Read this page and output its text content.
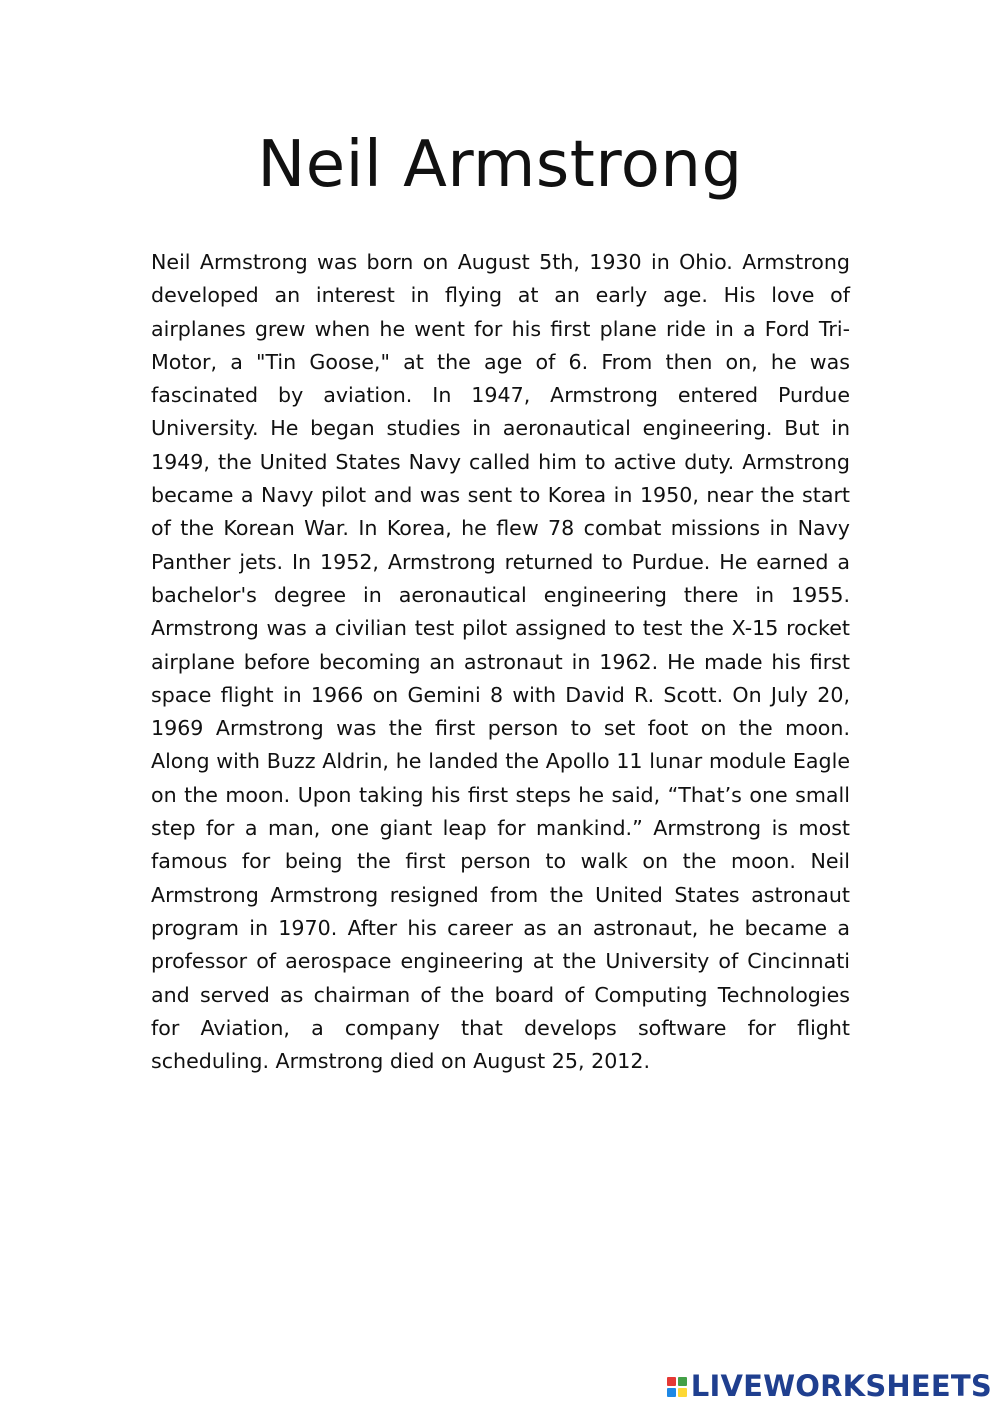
Neil Armstrong

Neil Armstrong was born on August 5th, 1930 in Ohio. Armstrong developed an interest in flying at an early age. His love of airplanes grew when he went for his first plane ride in a Ford Tri-Motor, a "Tin Goose," at the age of 6. From then on, he was fascinated by aviation. In 1947, Armstrong entered Purdue University. He began studies in aeronautical engineering. But in 1949, the United States Navy called him to active duty. Armstrong became a Navy pilot and was sent to Korea in 1950, near the start of the Korean War. In Korea, he flew 78 combat missions in Navy Panther jets. In 1952, Armstrong returned to Purdue. He earned a bachelor's degree in aeronautical engineering there in 1955. Armstrong was a civilian test pilot assigned to test the X-15 rocket airplane before becoming an astronaut in 1962. He made his first space flight in 1966 on Gemini 8 with David R. Scott. On July 20, 1969 Armstrong was the first person to set foot on the moon. Along with Buzz Aldrin, he landed the Apollo 11 lunar module Eagle on the moon. Upon taking his first steps he said, “That’s one small step for a man, one giant leap for mankind.” Armstrong is most famous for being the first person to walk on the moon. Neil Armstrong Armstrong resigned from the United States astronaut program in 1970. After his career as an astronaut, he became a professor of aerospace engineering at the University of Cincinnati and served as chairman of the board of Computing Technologies for Aviation, a company that develops software for flight scheduling. Armstrong died on August 25, 2012.

LIVEWORKSHEETS
